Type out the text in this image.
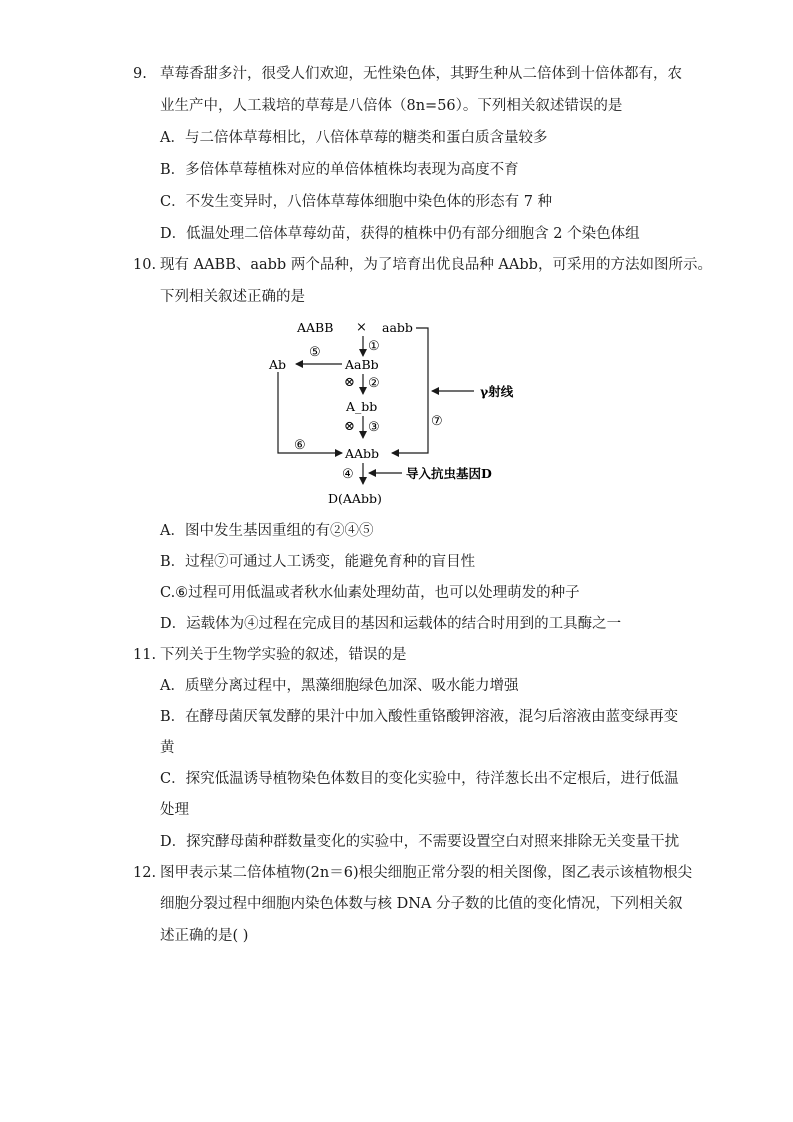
9. 草莓香甜多汁，很受人们欢迎，无性染色体，其野生种从二倍体到十倍体都有，农
业生产中，人工栽培的草莓是八倍体（8n=56）。下列相关叙述错误的是
A．与二倍体草莓相比，八倍体草莓的糖类和蛋白质含量较多
B．多倍体草莓植株对应的单倍体植株均表现为高度不育
C．不发生变异时，八倍体草莓体细胞中染色体的形态有 7 种
D．低温处理二倍体草莓幼苗，获得的植株中仍有部分细胞含 2 个染色体组
10. 现有 AABB、aabb 两个品种，为了培育出优良品种 AAbb，可采用的方法如图所示。
下列相关叙述正确的是
AABB × aabb
①
AaBb
⑤
Ab
⊗ ②
A_bb
⊗ ③
AAbb
⑥
⑦
γ射线
④	导入抗虫基因D
D(AAbb)
A．图中发生基因重组的有②④⑤
B．过程⑦可通过人工诱变，能避免育种的盲目性
C.⑥过程可用低温或者秋水仙素处理幼苗，也可以处理萌发的种子
D．运载体为④过程在完成目的基因和运载体的结合时用到的工具酶之一
11. 下列关于生物学实验的叙述，错误的是
A．质壁分离过程中，黑藻细胞绿色加深、吸水能力增强
B．在酵母菌厌氧发酵的果汁中加入酸性重铬酸钾溶液，混匀后溶液由蓝变绿再变
黄
C．探究低温诱导植物染色体数目的变化实验中，待洋葱长出不定根后，进行低温
处理
D．探究酵母菌种群数量变化的实验中，不需要设置空白对照来排除无关变量干扰
12. 图甲表示某二倍体植物(2n＝6)根尖细胞正常分裂的相关图像，图乙表示该植物根尖
细胞分裂过程中细胞内染色体数与核 DNA 分子数的比值的变化情况，下列相关叙
述正确的是( )
